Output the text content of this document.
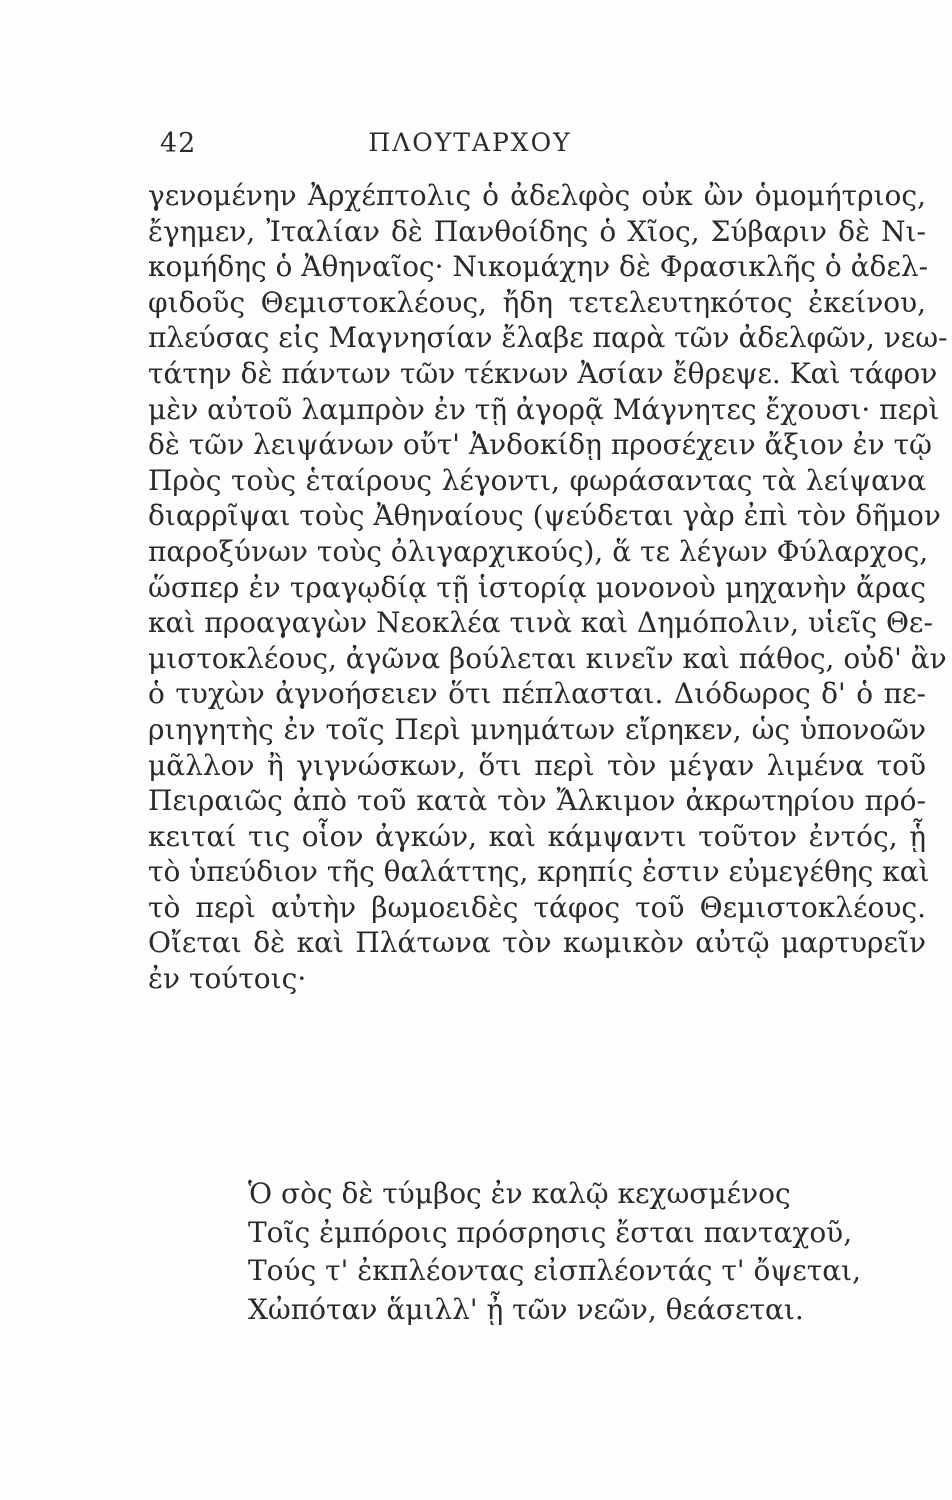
42	ΠΛΟΥΤΑΡΧΟΥ
γενομένην Ἀρχέπτολις ὁ ἀδελφὸς οὐκ ὢν ὁμομήτριος,
ἔγημεν, Ἰταλίαν δὲ Πανθοίδης ὁ Χῖος, Σύβαριν δὲ Νι-
κομήδης ὁ Ἀθηναῖος· Νικομάχην δὲ Φρασικλῆς ὁ ἀδελ-
φιδοῦς Θεμιστοκλέους, ἤδη τετελευτηκότος ἐκείνου,
πλεύσας εἰς Μαγνησίαν ἔλαβε παρὰ τῶν ἀδελφῶν, νεω-
τάτην δὲ πάντων τῶν τέκνων Ἀσίαν ἔθρεψε. Καὶ τάφον
μὲν αὐτοῦ λαμπρὸν ἐν τῇ ἀγορᾷ Μάγνητες ἔχουσι· περὶ
δὲ τῶν λειψάνων οὔτ' Ἀνδοκίδῃ προσέχειν ἄξιον ἐν τῷ
Πρὸς τοὺς ἑταίρους λέγοντι, φωράσαντας τὰ λείψανα
διαρρῖψαι τοὺς Ἀθηναίους (ψεύδεται γὰρ ἐπὶ τὸν δῆμον
παροξύνων τοὺς ὀλιγαρχικούς), ἅ τε λέγων Φύλαρχος,
ὥσπερ ἐν τραγῳδίᾳ τῇ ἱστορίᾳ μονονοὺ μηχανὴν ἄρας
καὶ προαγαγὼν Νεοκλέα τινὰ καὶ Δημόπολιν, υἱεῖς Θε-
μιστοκλέους, ἀγῶνα βούλεται κινεῖν καὶ πάθος, οὐδ' ἂν
ὁ τυχὼν ἀγνοήσειεν ὅτι πέπλασται. Διόδωρος δ' ὁ πε-
ριηγητὴς ἐν τοῖς Περὶ μνημάτων εἴρηκεν, ὡς ὑπονοῶν
μᾶλλον ἢ γιγνώσκων, ὅτι περὶ τὸν μέγαν λιμένα τοῦ
Πειραιῶς ἀπὸ τοῦ κατὰ τὸν Ἄλκιμον ἀκρωτηρίου πρό-
κειταί τις οἷον ἀγκών, καὶ κάμψαντι τοῦτον ἐντός, ᾗ
τὸ ὑπεύδιον τῆς θαλάττης, κρηπίς ἐστιν εὐμεγέθης καὶ
τὸ περὶ αὐτὴν βωμοειδὲς τάφος τοῦ Θεμιστοκλέους.
Οἴεται δὲ καὶ Πλάτωνα τὸν κωμικὸν αὐτῷ μαρτυρεῖν
ἐν τούτοις·
Ὁ σὸς δὲ τύμβος ἐν καλῷ κεχωσμένος
Τοῖς ἐμπόροις πρόσρησις ἔσται πανταχοῦ,
Τούς τ' ἐκπλέοντας εἰσπλέοντάς τ' ὄψεται,
Χὠπόταν ἅμιλλ' ᾖ τῶν νεῶν, θεάσεται.
